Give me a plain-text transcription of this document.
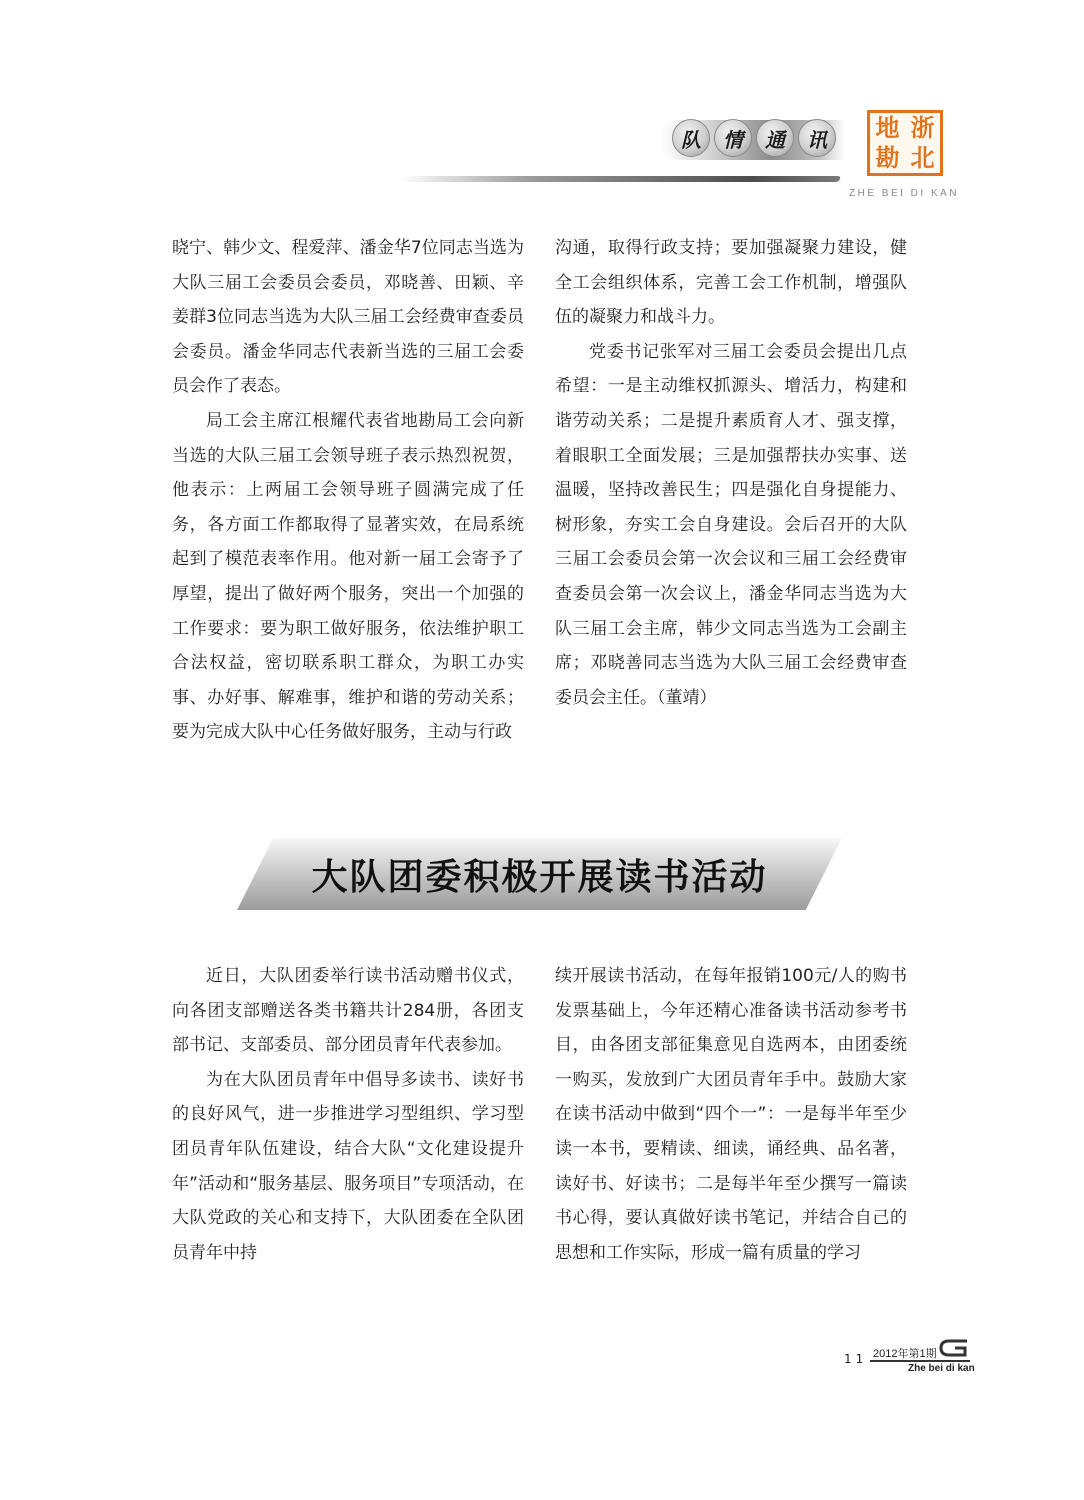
队	情	通	讯	地 浙
勘 北
ZHE BEI DI KAN

晓宁、韩少文、程爱萍、潘金华7位同志当选为大队三届工会委员会委员，邓晓善、田颖、辛姜群3位同志当选为大队三届工会经费审查委员会委员。潘金华同志代表新当选的三届工会委员会作了表态。

局工会主席江根耀代表省地勘局工会向新当选的大队三届工会领导班子表示热烈祝贺，他表示：上两届工会领导班子圆满完成了任务，各方面工作都取得了显著实效，在局系统起到了模范表率作用。他对新一届工会寄予了厚望，提出了做好两个服务，突出一个加强的工作要求：要为职工做好服务，依法维护职工合法权益，密切联系职工群众，为职工办实事、办好事、解难事，维护和谐的劳动关系；要为完成大队中心任务做好服务，主动与行政

沟通，取得行政支持；要加强凝聚力建设，健全工会组织体系，完善工会工作机制，增强队伍的凝聚力和战斗力。

党委书记张军对三届工会委员会提出几点希望：一是主动维权抓源头、增活力，构建和谐劳动关系；二是提升素质育人才、强支撑，着眼职工全面发展；三是加强帮扶办实事、送温暖，坚持改善民生；四是强化自身提能力、树形象，夯实工会自身建设。会后召开的大队三届工会委员会第一次会议和三届工会经费审查委员会第一次会议上，潘金华同志当选为大队三届工会主席，韩少文同志当选为工会副主席；邓晓善同志当选为大队三届工会经费审查委员会主任。（董靖）

大队团委积极开展读书活动

近日，大队团委举行读书活动赠书仪式，向各团支部赠送各类书籍共计284册，各团支部书记、支部委员、部分团员青年代表参加。

为在大队团员青年中倡导多读书、读好书的良好风气，进一步推进学习型组织、学习型团员青年队伍建设，结合大队“文化建设提升年”活动和“服务基层、服务项目”专项活动，在大队党政的关心和支持下，大队团委在全队团员青年中持

续开展读书活动，在每年报销100元/人的购书发票基础上，今年还精心准备读书活动参考书目，由各团支部征集意见自选两本，由团委统一购买，发放到广大团员青年手中。鼓励大家在读书活动中做到“四个一”：一是每半年至少读一本书，要精读、细读，诵经典、品名著，读好书、好读书；二是每半年至少撰写一篇读书心得，要认真做好读书笔记，并结合自己的思想和工作实际，形成一篇有质量的学习

11 2012年第1期
Zhe bei di kan
